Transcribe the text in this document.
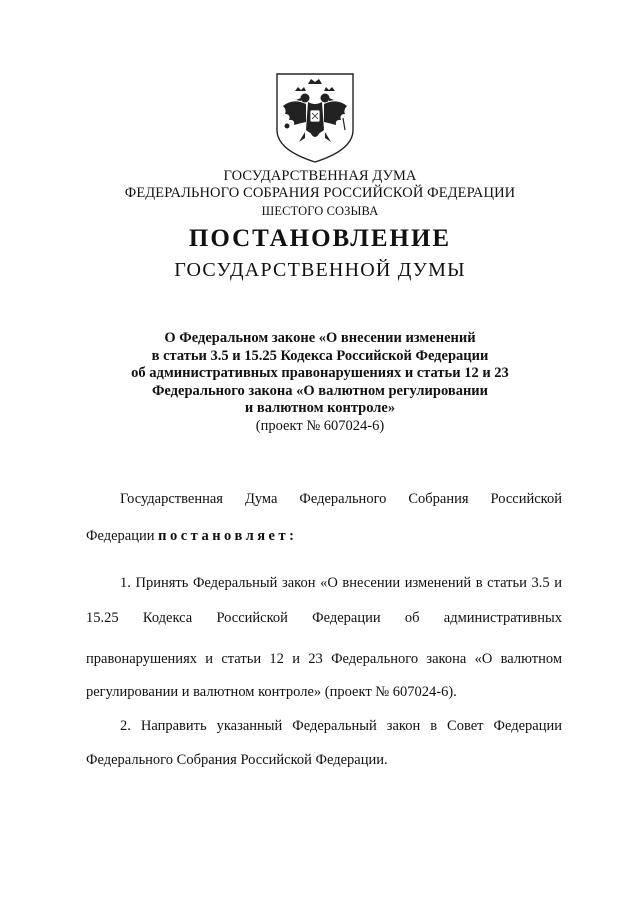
ГОСУДАРСТВЕННАЯ ДУМА
ФЕДЕРАЛЬНОГО СОБРАНИЯ РОССИЙСКОЙ ФЕДЕРАЦИИ
ШЕСТОГО СОЗЫВА
ПОСТАНОВЛЕНИЕ
ГОСУДАРСТВЕННОЙ ДУМЫ
О Федеральном законе «О внесении изменений
в статьи 3.5 и 15.25 Кодекса Российской Федерации
об административных правонарушениях и статьи 12 и 23
Федерального закона «О валютном регулировании
и валютном контроле»
(проект № 607024-6)
Государственная Дума Федерального Собрания Российской
Федерации постановляет:
1. Принять Федеральный закон «О внесении изменений в статьи 3.5 и
15.25 Кодекса Российской Федерации об административных
правонарушениях и статьи 12 и 23 Федерального закона «О валютном
регулировании и валютном контроле» (проект № 607024-6).
2. Направить указанный Федеральный закон в Совет Федерации
Федерального Собрания Российской Федерации.
